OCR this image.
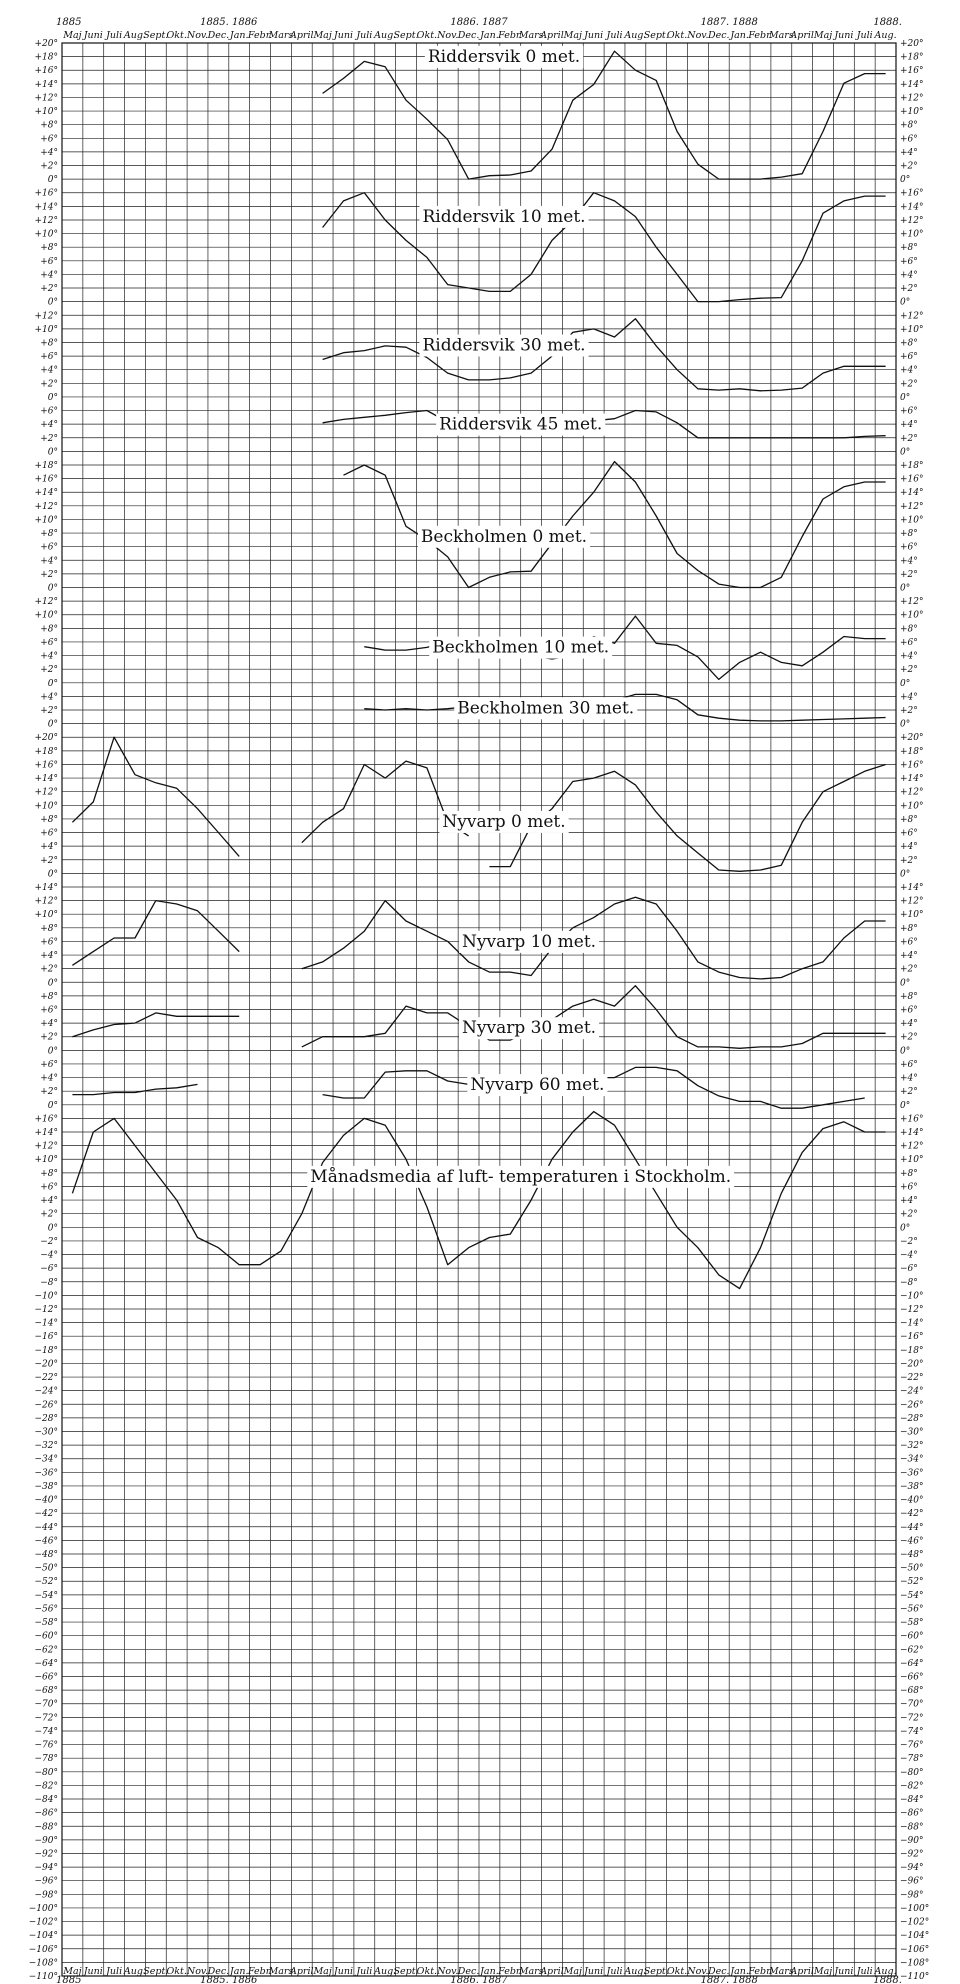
Maj
Maj
Juni
Juni
Juli
Juli
Aug.
Aug.
Sept.
Sept.
Okt.
Okt.
Nov.
Nov.
Dec.
Dec.
Jan.
Jan.
Febr.
Febr.
Mars
Mars
April
April
Maj
Maj
Juni
Juni
Juli
Juli
Aug.
Aug.
Sept.
Sept.
Okt.
Okt.
Nov.
Nov.
Dec.
Dec.
Jan.
Jan.
Febr.
Febr.
Mars
Mars
April
April
Maj
Maj
Juni
Juni
Juli
Juli
Aug.
Aug.
Sept.
Sept.
Okt.
Okt.
Nov.
Nov.
Dec.
Dec.
Jan.
Jan.
Febr.
Febr.
Mars
Mars
April
April
Maj
Maj
Juni
Juni
Juli
Juli
Aug.
Aug.
1885	1885. 1886	1886. 1887	1887. 1888	1888.
1885	1885. 1886	1886. 1887	1887. 1888	1888.
+20°	+20°
+18°	+18°
+16°	+16°
+14°	+14°
+12°	+12°
+10°	+10°
+8°	+8°
+6°	+6°
+4°	+4°
+2°	+2°
0°	0°
+16°	+16°
+14°	+14°
+12°	+12°
+10°	+10°
+8°	+8°
+6°	+6°
+4°	+4°
+2°	+2°
0°	0°
+12°	+12°
+10°	+10°
+8°	+8°
+6°	+6°
+4°	+4°
+2°	+2°
0°	0°
+6°	+6°
+4°	+4°
+2°	+2°
0°	0°
+18°	+18°
+16°	+16°
+14°	+14°
+12°	+12°
+10°	+10°
+8°	+8°
+6°	+6°
+4°	+4°
+2°	+2°
0°	0°
+12°	+12°
+10°	+10°
+8°	+8°
+6°	+6°
+4°	+4°
+2°	+2°
0°	0°
+4°	+4°
+2°	+2°
0°	0°
+20°	+20°
+18°	+18°
+16°	+16°
+14°	+14°
+12°	+12°
+10°	+10°
+8°	+8°
+6°	+6°
+4°	+4°
+2°	+2°
0°	0°
+14°	+14°
+12°	+12°
+10°	+10°
+8°	+8°
+6°	+6°
+4°	+4°
+2°	+2°
0°	0°
+8°	+8°
+6°	+6°
+4°	+4°
+2°	+2°
0°	0°
+6°	+6°
+4°	+4°
+2°	+2°
0°	0°
+16°	+16°
+14°	+14°
+12°	+12°
+10°	+10°
+8°	+8°
+6°	+6°
+4°	+4°
+2°	+2°
0°	0°
−2°	−2°
−4°	−4°
−6°	−6°
−8°	−8°
−10°	−10°
−12°	−12°
−14°	−14°
−16°	−16°
−18°	−18°
−20°	−20°
−22°	−22°
−24°	−24°
−26°	−26°
−28°	−28°
−30°	−30°
−32°	−32°
−34°	−34°
−36°	−36°
−38°	−38°
−40°	−40°
−42°	−42°
−44°	−44°
−46°	−46°
−48°	−48°
−50°	−50°
−52°	−52°
−54°	−54°
−56°	−56°
−58°	−58°
−60°	−60°
−62°	−62°
−64°	−64°
−66°	−66°
−68°	−68°
−70°	−70°
−72°	−72°
−74°	−74°
−76°	−76°
−78°	−78°
−80°	−80°
−82°	−82°
−84°	−84°
−86°	−86°
−88°	−88°
−90°	−90°
−92°	−92°
−94°	−94°
−96°	−96°
−98°	−98°
−100°	−100°
−102°	−102°
−104°	−104°
−106°	−106°
−108°	−108°
−110°	−110°
Riddersvik 0 met.
Riddersvik 10 met.
Riddersvik 30 met.
Riddersvik 45 met.
Beckholmen 0 met.
Beckholmen 10 met.
Beckholmen 30 met.
Nyvarp 0 met.
Nyvarp 10 met.
Nyvarp 30 met.
Nyvarp 60 met.
Månadsmedia af luft- temperaturen i Stockholm.
